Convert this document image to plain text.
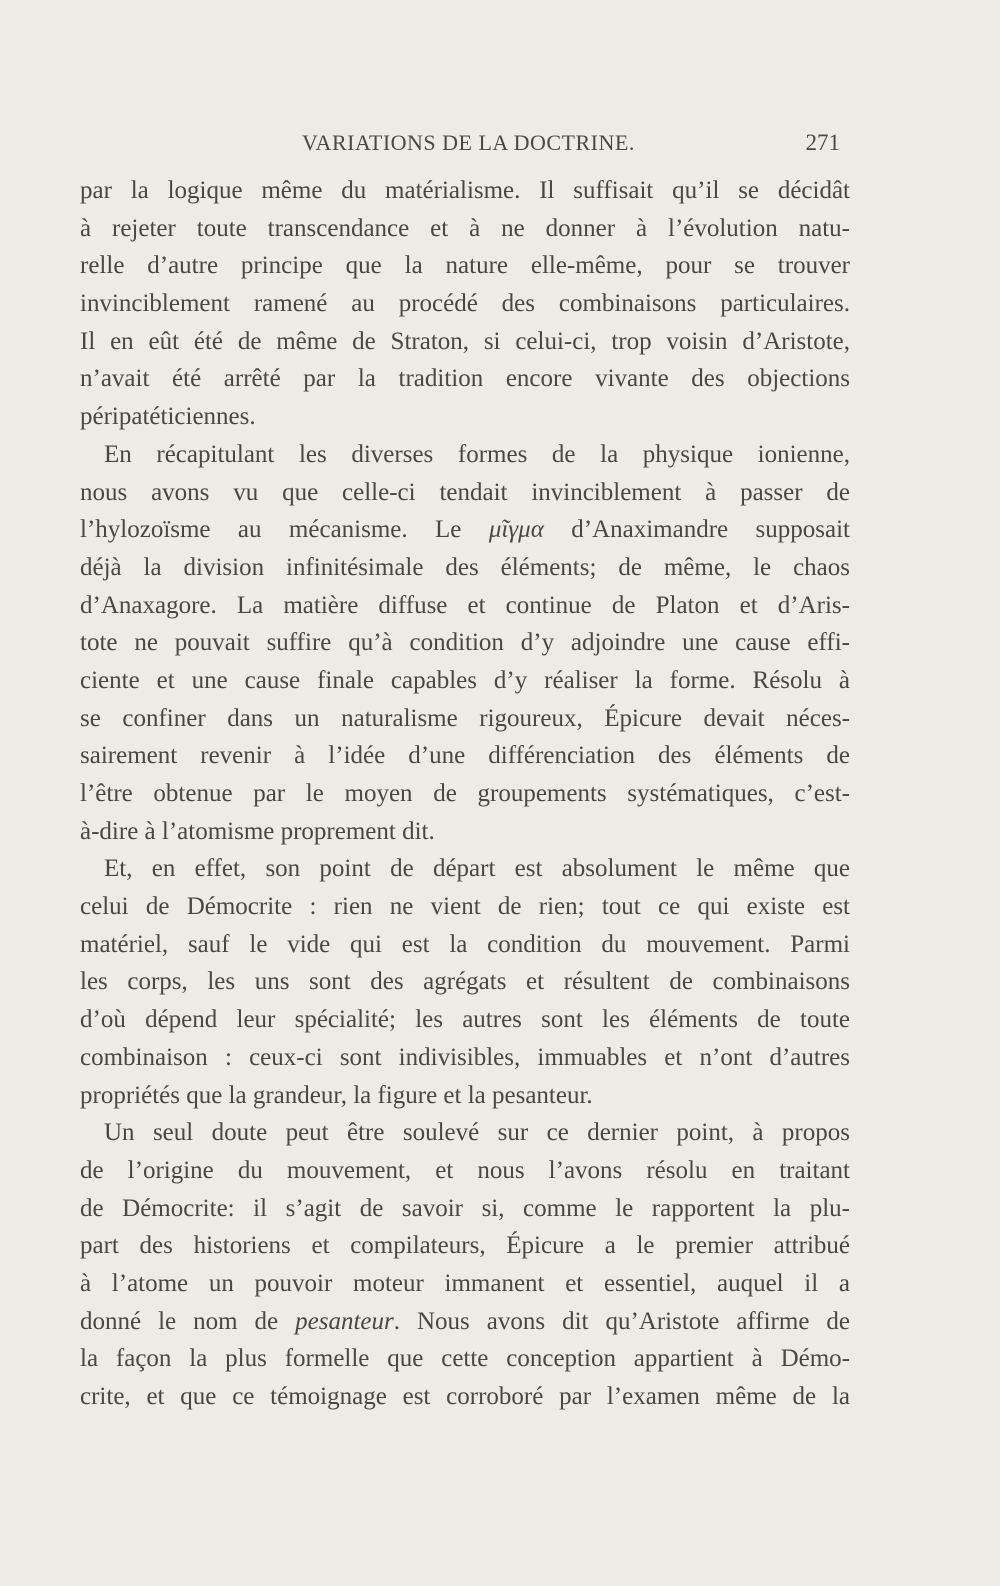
VARIATIONS DE LA DOCTRINE.	271
par la logique même du matérialisme. Il suffisait qu’il se décidât
à rejeter toute transcendance et à ne donner à l’évolution natu-
relle d’autre principe que la nature elle-même, pour se trouver
invinciblement ramené au procédé des combinaisons particulaires.
Il en eût été de même de Straton, si celui-ci, trop voisin d’Aristote,
n’avait été arrêté par la tradition encore vivante des objections
péripatéticiennes.
En récapitulant les diverses formes de la physique ionienne,
nous avons vu que celle-ci tendait invinciblement à passer de
l’hylozoïsme au mécanisme. Le μῖγμα d’Anaximandre supposait
déjà la division infinitésimale des éléments; de même, le chaos
d’Anaxagore. La matière diffuse et continue de Platon et d’Aris-
tote ne pouvait suffire qu’à condition d’y adjoindre une cause effi-
ciente et une cause finale capables d’y réaliser la forme. Résolu à
se confiner dans un naturalisme rigoureux, Épicure devait néces-
sairement revenir à l’idée d’une différenciation des éléments de
l’être obtenue par le moyen de groupements systématiques, c’est-
à-dire à l’atomisme proprement dit.
Et, en effet, son point de départ est absolument le même que
celui de Démocrite : rien ne vient de rien; tout ce qui existe est
matériel, sauf le vide qui est la condition du mouvement. Parmi
les corps, les uns sont des agrégats et résultent de combinaisons
d’où dépend leur spécialité; les autres sont les éléments de toute
combinaison : ceux-ci sont indivisibles, immuables et n’ont d’autres
propriétés que la grandeur, la figure et la pesanteur.
Un seul doute peut être soulevé sur ce dernier point, à propos
de l’origine du mouvement, et nous l’avons résolu en traitant
de Démocrite: il s’agit de savoir si, comme le rapportent la plu-
part des historiens et compilateurs, Épicure a le premier attribué
à l’atome un pouvoir moteur immanent et essentiel, auquel il a
donné le nom de pesanteur. Nous avons dit qu’Aristote affirme de
la façon la plus formelle que cette conception appartient à Démo-
crite, et que ce témoignage est corroboré par l’examen même de la
